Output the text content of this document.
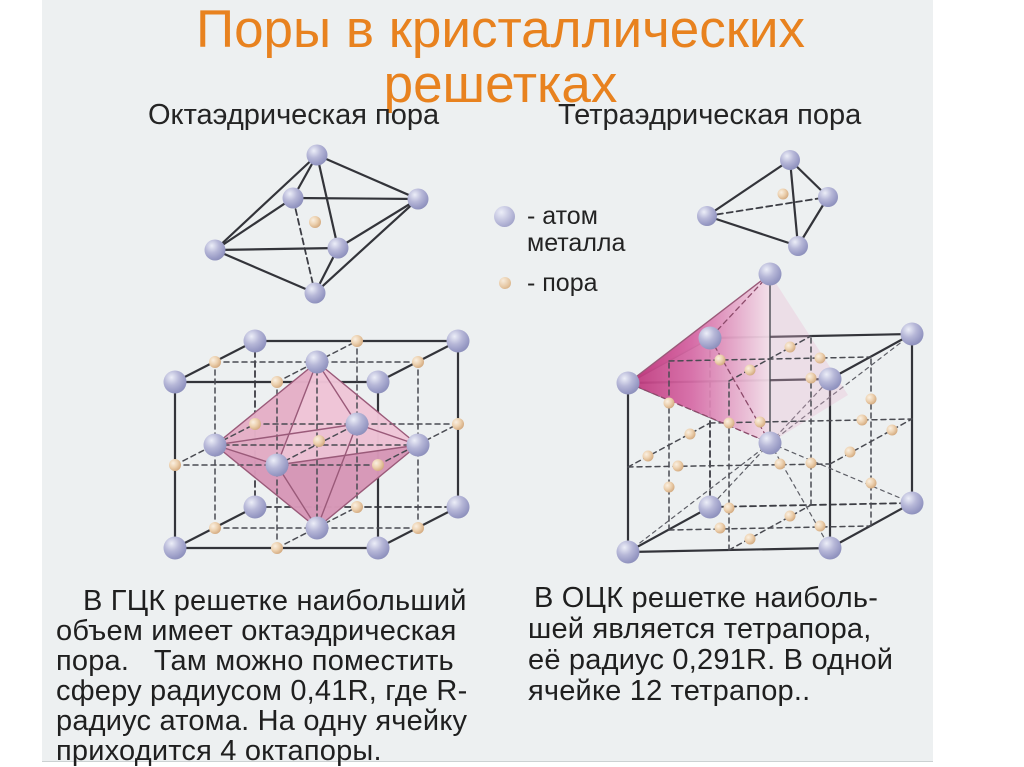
Поры в кристаллических
решетках
Октаэдрическая пора	Тетраэдрическая пора
- атом металла
- пора
В ГЦК решетке наибольший
объем имеет октаэдрическая
пора.   Там можно поместить
сферу радиусом 0,41R, где R-
радиус атома. На одну ячейку
приходится 4 октапоры.
В ОЦК решетке наиболь-
шей является тетрапора,
её радиус 0,291R. В одной
ячейке 12 тетрапор..
